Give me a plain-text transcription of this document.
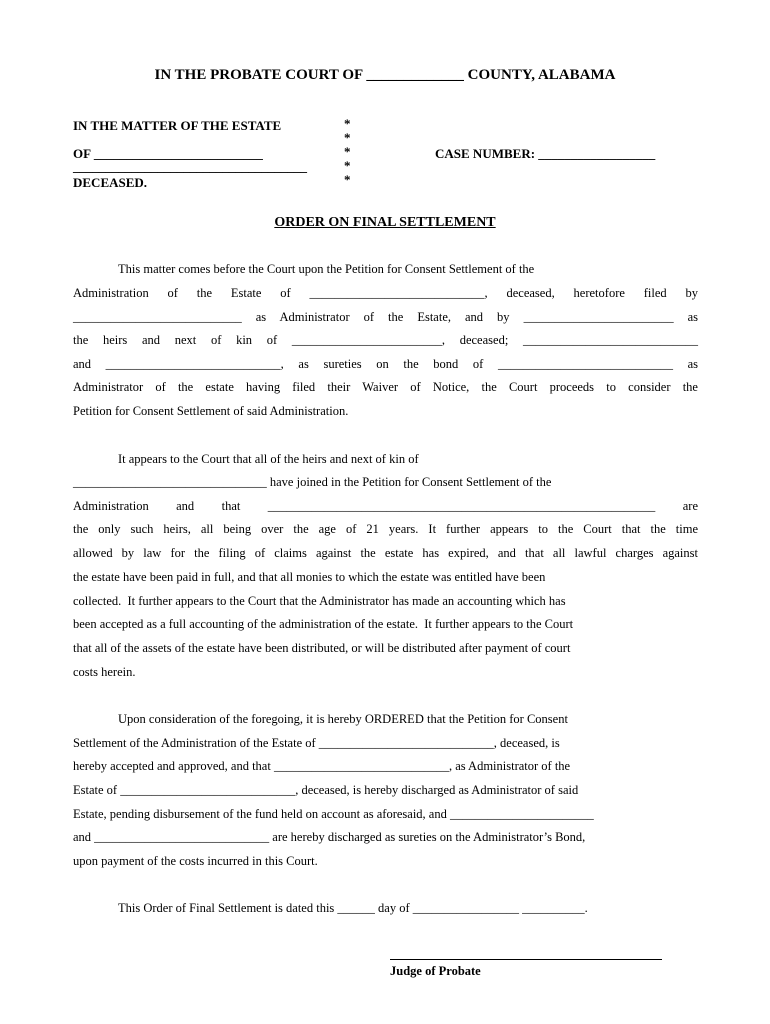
IN THE PROBATE COURT OF _____________ COUNTY, ALABAMA
IN THE MATTER OF THE ESTATE
OF __________________________
____________________________________
DECEASED.
*
*
*
*
*
CASE NUMBER: __________________
ORDER ON FINAL SETTLEMENT
This matter comes before the Court upon the Petition for Consent Settlement of the
Administration of the Estate of ____________________________, deceased, heretofore filed by
___________________________ as Administrator of the Estate, and by ________________________ as
the heirs and next of kin of ________________________, deceased; ____________________________
and ____________________________, as sureties on the bond of ____________________________ as
Administrator of the estate having filed their Waiver of Notice, the Court proceeds to consider the
Petition for Consent Settlement of said Administration.
It appears to the Court that all of the heirs and next of kin of
_______________________________ have joined in the Petition for Consent Settlement of the
Administration and that ______________________________________________________________ are
the only such heirs, all being over the age of 21 years. It further appears to the Court that the time
allowed by law for the filing of claims against the estate has expired, and that all lawful charges against
the estate have been paid in full, and that all monies to which the estate was entitled have been
collected.  It further appears to the Court that the Administrator has made an accounting which has
been accepted as a full accounting of the administration of the estate.  It further appears to the Court
that all of the assets of the estate have been distributed, or will be distributed after payment of court
costs herein.
Upon consideration of the foregoing, it is hereby ORDERED that the Petition for Consent
Settlement of the Administration of the Estate of ____________________________, deceased, is
hereby accepted and approved, and that ____________________________, as Administrator of the
Estate of ____________________________, deceased, is hereby discharged as Administrator of said
Estate, pending disbursement of the fund held on account as aforesaid, and _______________________
and ____________________________ are hereby discharged as sureties on the Administrator’s Bond,
upon payment of the costs incurred in this Court.
This Order of Final Settlement is dated this ______ day of _________________ __________.
Judge of Probate
